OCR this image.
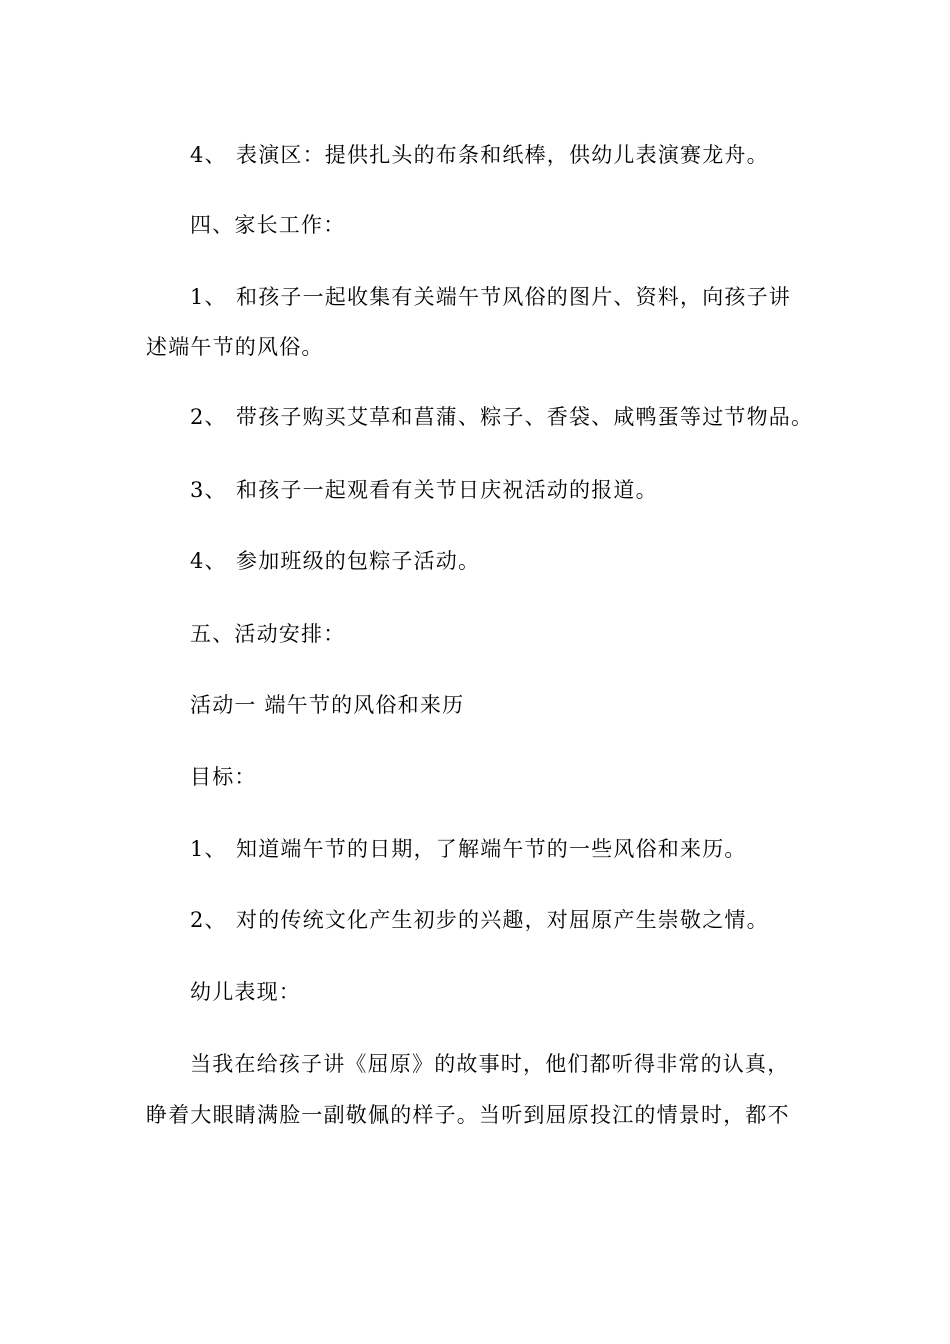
4、 表演区：提供扎头的布条和纸棒，供幼儿表演赛龙舟。
四、家长工作：
1、 和孩子一起收集有关端午节风俗的图片、资料，向孩子讲
述端午节的风俗。
2、 带孩子购买艾草和菖蒲、粽子、香袋、咸鸭蛋等过节物品。
3、 和孩子一起观看有关节日庆祝活动的报道。
4、 参加班级的包粽子活动。
五、活动安排：
活动一 端午节的风俗和来历
目标：
1、 知道端午节的日期，了解端午节的一些风俗和来历。
2、 对的传统文化产生初步的兴趣，对屈原产生崇敬之情。
幼儿表现：
当我在给孩子讲《屈原》的故事时，他们都听得非常的认真，
睁着大眼睛满脸一副敬佩的样子。当听到屈原投江的情景时，都不
